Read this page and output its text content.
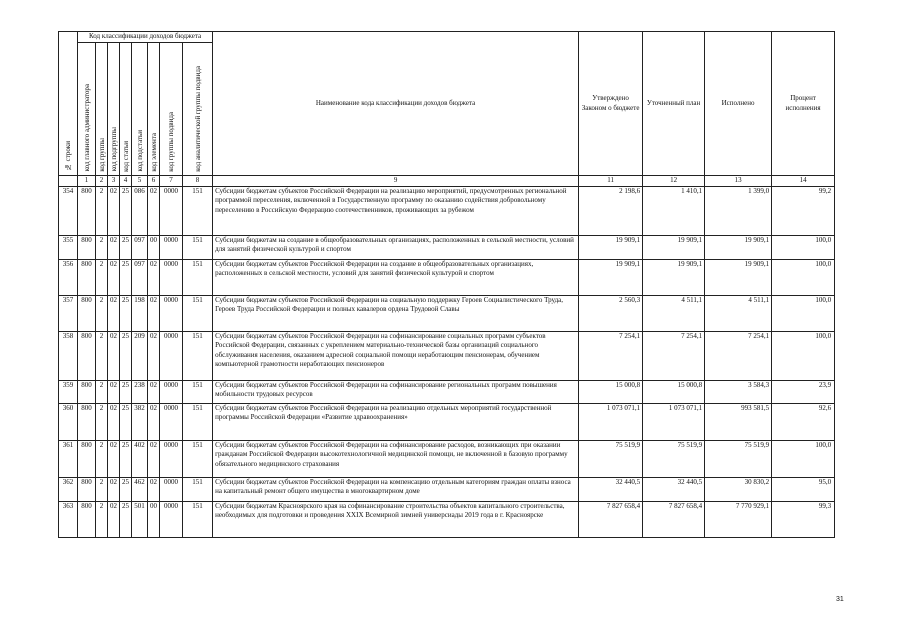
№ строки	Код классификации доходов бюджета								Наименование кода классификации доходов бюджета	Утверждено Законом о бюджете	Уточненный план	Исполнено	Процент исполнения
	код главного администратора	код группы	код подгруппы	код статьи	код подстатьи	код элемента	код группы подвида	код аналитической группы подвида					
	1	2	3	4	5	6	7	8	9	11	12	13	14
354	800	2	02	25	086	02	0000	151	Субсидии бюджетам субъектов Российской Федерации на реализацию мероприятий, предусмотренных региональной программой переселения, включенной в Государственную программу по оказанию содействия добровольному переселению в Российскую Федерацию соотечественников, проживающих за рубежом	2 198,6	1 410,1	1 399,0	99,2
355	800	2	02	25	097	00	0000	151	Субсидии бюджетам на создание в общеобразовательных организациях, расположенных в сельской местности, условий для занятий физической культурой и спортом	19 909,1	19 909,1	19 909,1	100,0
356	800	2	02	25	097	02	0000	151	Субсидии бюджетам субъектов Российской Федерации на создание в общеобразовательных организациях, расположенных в сельской местности, условий для занятий физической культурой и спортом	19 909,1	19 909,1	19 909,1	100,0
357	800	2	02	25	198	02	0000	151	Субсидии бюджетам субъектов Российской Федерации на социальную поддержку Героев Социалистического Труда, Героев Труда Российской Федерации и полных кавалеров ордена Трудовой Славы	2 560,3	4 511,1	4 511,1	100,0
358	800	2	02	25	209	02	0000	151	Субсидии бюджетам субъектов Российской Федерации на софинансирование социальных программ субъектов Российской Федерации, связанных с укреплением материально-технической базы организаций социального обслуживания населения, оказанием адресной социальной помощи неработающим пенсионерам, обучением компьютерной грамотности неработающих пенсионеров	7 254,1	7 254,1	7 254,1	100,0
359	800	2	02	25	238	02	0000	151	Субсидии бюджетам субъектов Российской Федерации на софинансирование региональных программ повышения мобильности трудовых ресурсов	15 000,8	15 000,8	3 584,3	23,9
360	800	2	02	25	382	02	0000	151	Субсидии бюджетам субъектов Российской Федерации на реализацию отдельных мероприятий государственной программы Российской Федерации «Развитие здравоохранения»	1 073 071,1	1 073 071,1	993 581,5	92,6
361	800	2	02	25	402	02	0000	151	Субсидии бюджетам субъектов Российской Федерации на софинансирование расходов, возникающих при оказании гражданам Российской Федерации высокотехнологичной медицинской помощи, не включенной в базовую программу обязательного медицинского страхования	75 519,9	75 519,9	75 519,9	100,0
362	800	2	02	25	462	02	0000	151	Субсидии бюджетам субъектов Российской Федерации на компенсацию отдельным категориям граждан оплаты взноса на капитальный ремонт общего имущества в многоквартирном доме	32 440,5	32 440,5	30 830,2	95,0
363	800	2	02	25	501	00	0000	151	Субсидии бюджетам Красноярского края на софинансирование строительства объектов капитального строительства, необходимых для подготовки и проведения XXIX Всемирной зимней универсиады 2019 года в г. Красноярске	7 827 658,4	7 827 658,4	7 770 929,1	99,3
31
